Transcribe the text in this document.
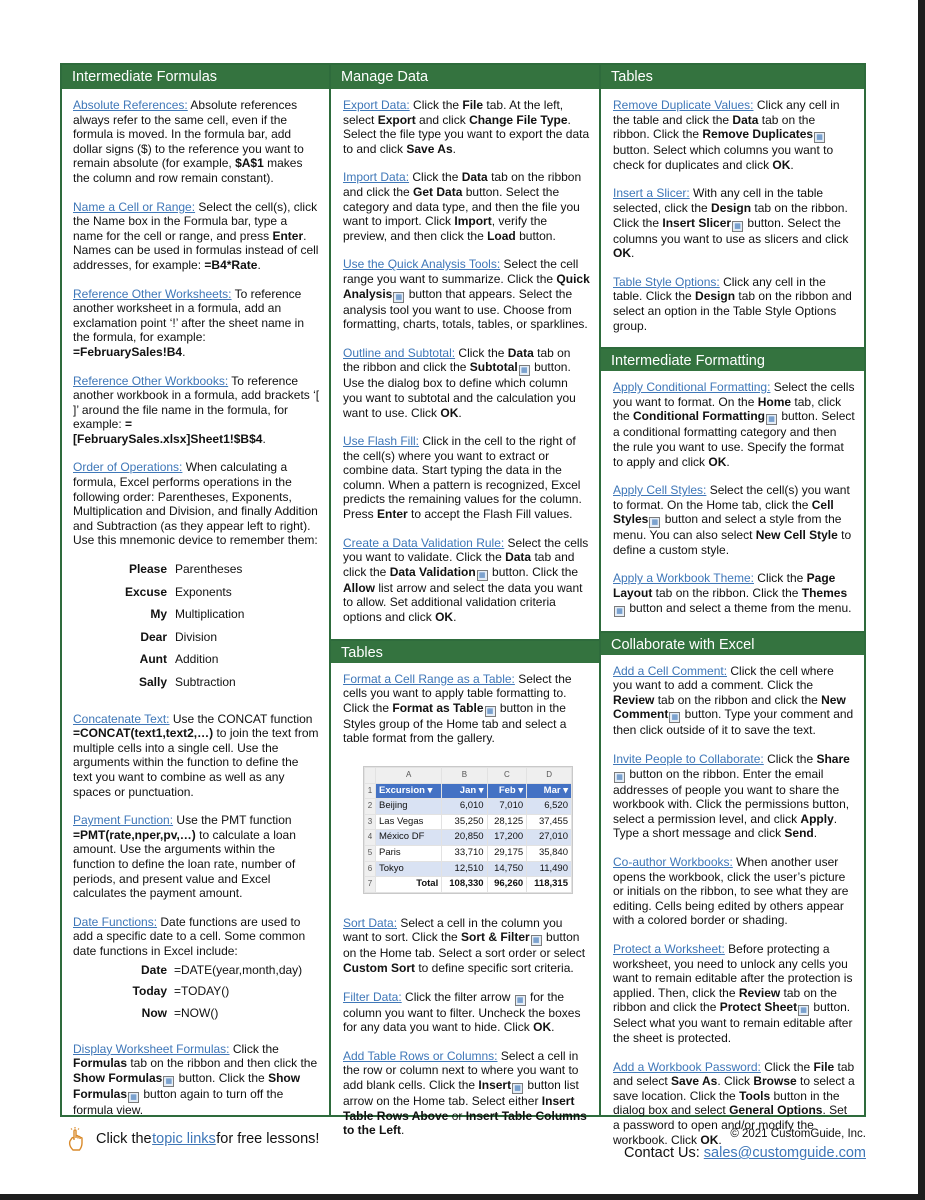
Intermediate Formulas
Absolute References: Absolute references always refer to the same cell, even if the formula is moved. In the formula bar, add dollar signs ($) to the reference you want to remain absolute (for example, $A$1 makes the column and row remain constant).
Name a Cell or Range: Select the cell(s), click the Name box in the Formula bar, type a name for the cell or range, and press Enter. Names can be used in formulas instead of cell addresses, for example: =B4*Rate.
Reference Other Worksheets: To reference another worksheet in a formula, add an exclamation point ‘!’ after the sheet name in the formula, for example: =FebruarySales!B4.
Reference Other Workbooks: To reference another workbook in a formula, add brackets ‘[ ]’ around the file name in the formula, for example: =[FebruarySales.xlsx]Sheet1!$B$4.
Order of Operations: When calculating a formula, Excel performs operations in the following order: Parentheses, Exponents, Multiplication and Division, and finally Addition and Subtraction (as they appear left to right). Use this mnemonic device to remember them:
Please	Parentheses
Excuse	Exponents
My	Multiplication
Dear	Division
Aunt	Addition
Sally	Subtraction
Concatenate Text: Use the CONCAT function =CONCAT(text1,text2,…) to join the text from multiple cells into a single cell. Use the arguments within the function to define the text you want to combine as well as any spaces or punctuation.
Payment Function: Use the PMT function =PMT(rate,nper,pv,…) to calculate a loan amount. Use the arguments within the function to define the loan rate, number of periods, and present value and Excel calculates the payment amount.
Date Functions: Date functions are used to add a specific date to a cell. Some common date functions in Excel include:
Date	=DATE(year,month,day)
Today	=TODAY()
Now	=NOW()
Display Worksheet Formulas: Click the Formulas tab on the ribbon and then click the Show Formulas ▦ button. Click the Show Formulas ▦ button again to turn off the formula view.
Manage Data
Export Data: Click the File tab. At the left, select Export and click Change File Type. Select the file type you want to export the data to and click Save As.
Import Data: Click the Data tab on the ribbon and click the Get Data button. Select the category and data type, and then the file you want to import. Click Import, verify the preview, and then click the Load button.
Use the Quick Analysis Tools: Select the cell range you want to summarize. Click the Quick Analysis ▦ button that appears. Select the analysis tool you want to use. Choose from formatting, charts, totals, tables, or sparklines.
Outline and Subtotal: Click the Data tab on the ribbon and click the Subtotal ▦ button. Use the dialog box to define which column you want to subtotal and the calculation you want to use. Click OK.
Use Flash Fill: Click in the cell to the right of the cell(s) where you want to extract or combine data. Start typing the data in the column. When a pattern is recognized, Excel predicts the remaining values for the column. Press Enter to accept the Flash Fill values.
Create a Data Validation Rule: Select the cells you want to validate. Click the Data tab and click the Data Validation ▦ button. Click the Allow list arrow and select the data you want to allow. Set additional validation criteria options and click OK.
Tables
Format a Cell Range as a Table: Select the cells you want to apply table formatting to. Click the Format as Table ▦ button in the Styles group of the Home tab and select a table format from the gallery.
	A	B	C	D
1	Excursion ▾	Jan ▾	Feb ▾	Mar ▾
2	Beijing	6,010	7,010	6,520
3	Las Vegas	35,250	28,125	37,455
4	México DF	20,850	17,200	27,010
5	Paris	33,710	29,175	35,840
6	Tokyo	12,510	14,750	11,490
7	Total	108,330	96,260	118,315
Sort Data: Select a cell in the column you want to sort. Click the Sort & Filter ▦ button on the Home tab. Select a sort order or select Custom Sort to define specific sort criteria.
Filter Data: Click the filter arrow ▦ for the column you want to filter. Uncheck the boxes for any data you want to hide. Click OK.
Add Table Rows or Columns: Select a cell in the row or column next to where you want to add blank cells. Click the Insert ▦ button list arrow on the Home tab. Select either Insert Table Rows Above or Insert Table Columns to the Left.
Tables
Remove Duplicate Values: Click any cell in the table and click the Data tab on the ribbon. Click the Remove Duplicates ▦ button. Select which columns you want to check for duplicates and click OK.
Insert a Slicer: With any cell in the table selected, click the Design tab on the ribbon. Click the Insert Slicer ▦ button. Select the columns you want to use as slicers and click OK.
Table Style Options: Click any cell in the table. Click the Design tab on the ribbon and select an option in the Table Style Options group.
Intermediate Formatting
Apply Conditional Formatting: Select the cells you want to format. On the Home tab, click the Conditional Formatting ▦ button. Select a conditional formatting category and then the rule you want to use. Specify the format to apply and click OK.
Apply Cell Styles: Select the cell(s) you want to format. On the Home tab, click the Cell Styles ▦ button and select a style from the menu. You can also select New Cell Style to define a custom style.
Apply a Workbook Theme: Click the Page Layout tab on the ribbon. Click the Themes▦ button and select a theme from the menu.
Collaborate with Excel
Add a Cell Comment: Click the cell where you want to add a comment. Click the Review tab on the ribbon and click the New Comment ▦ button. Type your comment and then click outside of it to save the text.
Invite People to Collaborate: Click the Share▦ button on the ribbon. Enter the email addresses of people you want to share the workbook with. Click the permissions button, select a permission level, and click Apply. Type a short message and click Send.
Co-author Workbooks: When another user opens the workbook, click the user’s picture or initials on the ribbon, to see what they are editing. Cells being edited by others appear with a colored border or shading.
Protect a Worksheet: Before protecting a worksheet, you need to unlock any cells you want to remain editable after the protection is applied. Then, click the Review tab on the ribbon and click the Protect Sheet ▦ button. Select what you want to remain editable after the sheet is protected.
Add a Workbook Password: Click the File tab and select Save As. Click Browse to select a save location. Click the Tools button in the dialog box and select General Options. Set a password to open and/or modify the workbook. Click OK.
Click the topic links for free lessons!	© 2021 CustomGuide, Inc.
Contact Us: sales@customguide.com
